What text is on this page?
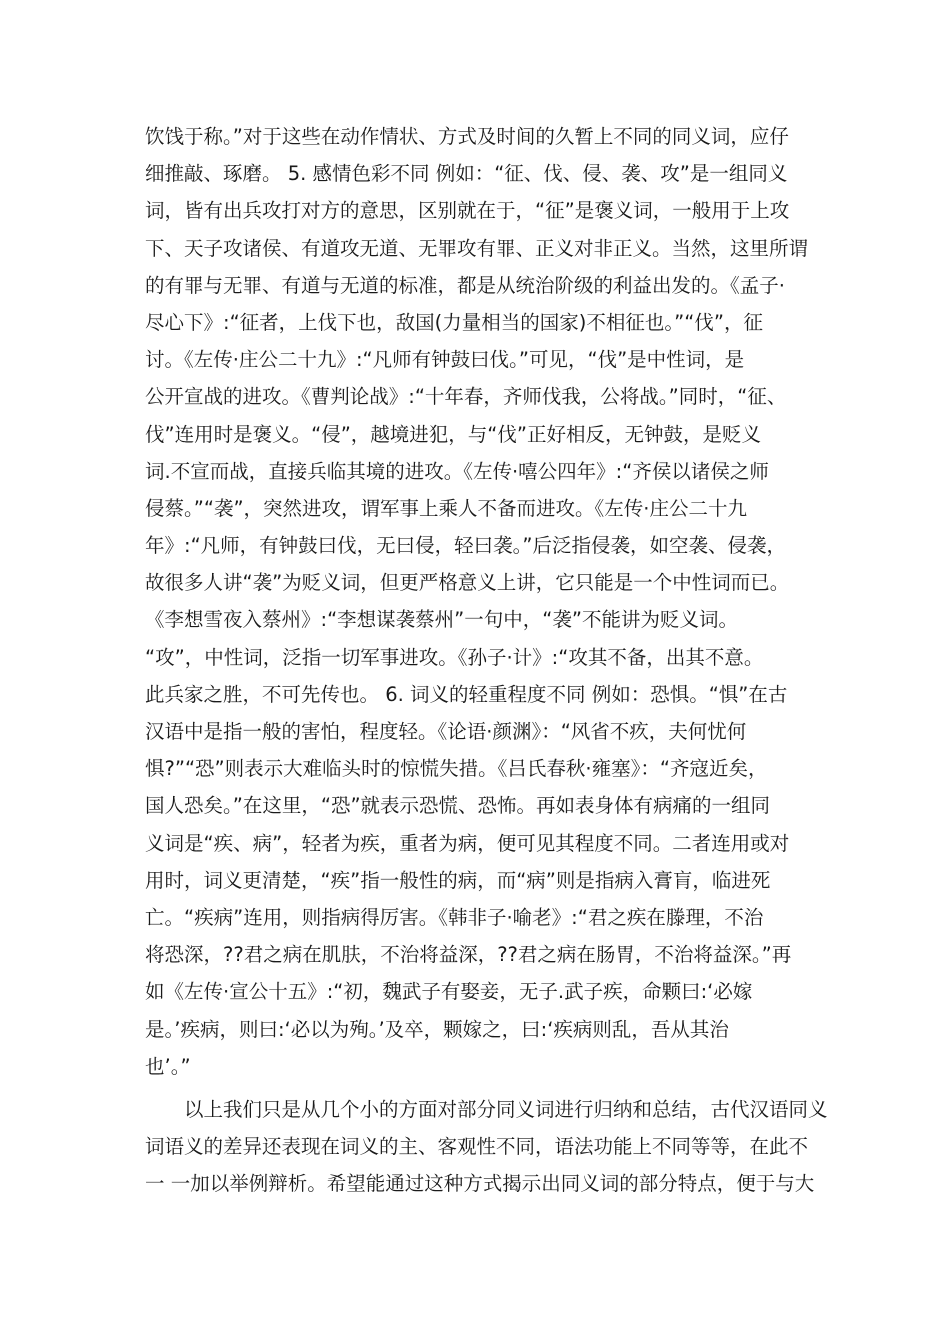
饮饯于称。”对于这些在动作情状、方式及时间的久暂上不同的同义词，应仔
细推敲、琢磨。 5. 感情色彩不同 例如：“征、伐、侵、袭、攻”是一组同义
词，皆有出兵攻打对方的意思，区别就在于，“征”是褒义词，一般用于上攻
下、天子攻诸侯、有道攻无道、无罪攻有罪、正义对非正义。当然，这里所谓
的有罪与无罪、有道与无道的标准，都是从统治阶级的利益出发的。《孟子·
尽心下》:“征者，上伐下也，敌国(力量相当的国家)不相征也。”“伐”，征
讨。《左传·庄公二十九》:“凡师有钟鼓曰伐。”可见，“伐”是中性词，是
公开宣战的进攻。《曹判论战》:“十年春，齐师伐我，公将战。”同时，“征、
伐”连用时是褒义。“侵”，越境进犯，与“伐”正好相反，无钟鼓，是贬义
词.不宣而战，直接兵临其境的进攻。《左传·嘻公四年》:“齐侯以诸侯之师
侵蔡。”“袭”，突然进攻，谓军事上乘人不备而进攻。《左传·庄公二十九
年》:“凡师，有钟鼓曰伐，无曰侵，轻曰袭。”后泛指侵袭，如空袭、侵袭，
故很多人讲“袭”为贬义词，但更严格意义上讲，它只能是一个中性词而已。
《李想雪夜入蔡州》:“李想谋袭蔡州”一句中，“袭”不能讲为贬义词。
“攻”，中性词，泛指一切军事进攻。《孙子·计》:“攻其不备，出其不意。
此兵家之胜，不可先传也。 6. 词义的轻重程度不同 例如：恐惧。“惧”在古
汉语中是指一般的害怕，程度轻。《论语·颜渊》：“风省不疚，夫何忧何
惧?”“恐”则表示大难临头时的惊慌失措。《吕氏春秋·雍塞》：“齐寇近矣，
国人恐矣。”在这里，“恐”就表示恐慌、恐怖。再如表身体有病痛的一组同
义词是“疾、病”，轻者为疾，重者为病，便可见其程度不同。二者连用或对
用时，词义更清楚，“疾”指一般性的病，而“病”则是指病入膏肓，临进死
亡。“疾病”连用，则指病得厉害。《韩非子·喻老》:“君之疾在滕理，不治
将恐深，??君之病在肌肤，不治将益深，??君之病在肠胃，不治将益深。”再
如《左传·宣公十五》:“初，魏武子有娶妾，无子.武子疾，命颗曰:‘必嫁
是。’疾病，则曰:‘必以为殉。’及卒，颗嫁之，曰:‘疾病则乱，吾从其治
也’。”
　　以上我们只是从几个小的方面对部分同义词进行归纳和总结，古代汉语同义
词语义的差异还表现在词义的主、客观性不同，语法功能上不同等等，在此不
一 一加以举例辩析。希望能通过这种方式揭示出同义词的部分特点，便于与大
